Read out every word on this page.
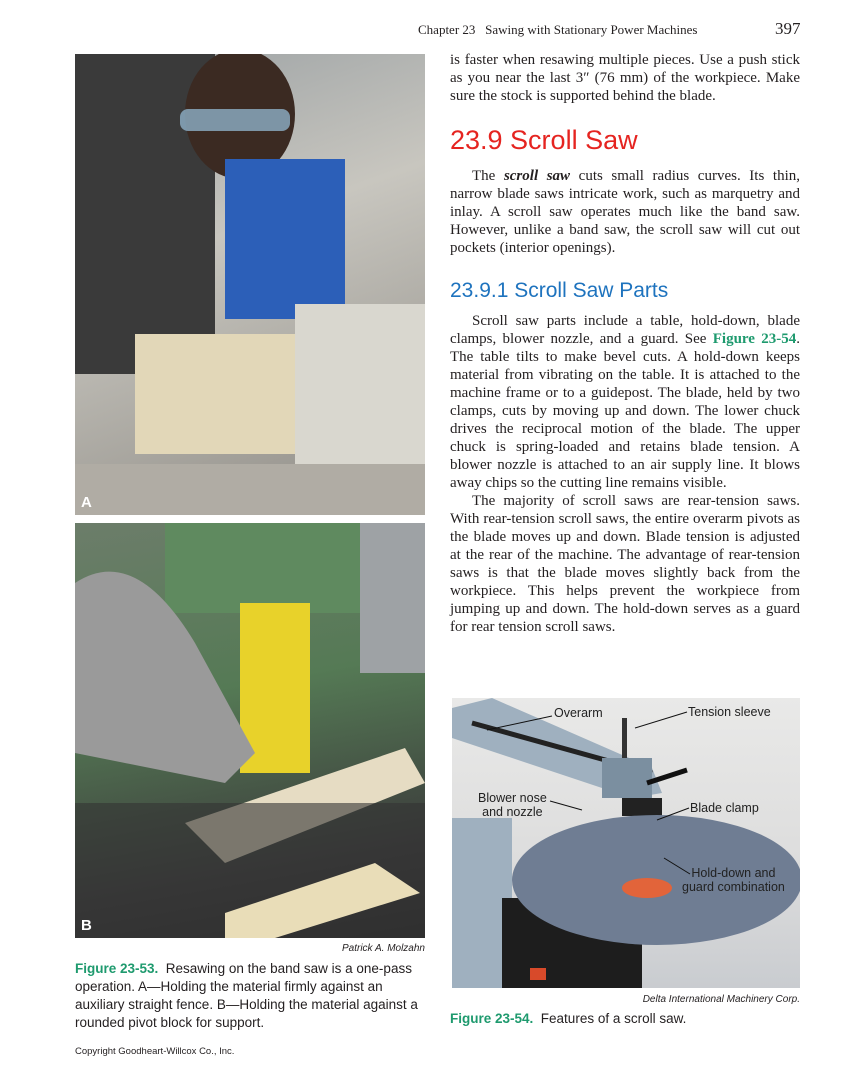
Chapter 23 Sawing with Stationary Power Machines	397
A
B
Patrick A. Molzahn
Figure 23-53. Resawing on the band saw is a one-pass operation. A—Holding the material firmly against an auxiliary straight fence. B—Holding the material against a rounded pivot block for support.

is faster when resawing multiple pieces. Use a push stick as you near the last 3″ (76 mm) of the workpiece. Make sure the stock is supported behind the blade.

23.9 Scroll Saw

The scroll saw cuts small radius curves. Its thin, narrow blade saws intricate work, such as marquetry and inlay. A scroll saw operates much like the band saw. However, unlike a band saw, the scroll saw will cut out pockets (interior openings).

23.9.1 Scroll Saw Parts

Scroll saw parts include a table, hold-down, blade clamps, blower nozzle, and a guard. See Figure 23-54. The table tilts to make bevel cuts. A hold-down keeps material from vibrating on the table. It is attached to the machine frame or to a guidepost. The blade, held by two clamps, cuts by moving up and down. The lower chuck drives the reciprocal motion of the blade. The upper chuck is spring-loaded and retains blade tension. A blower nozzle is attached to an air supply line. It blows away chips so the cutting line remains visible.

The majority of scroll saws are rear-tension saws. With rear-tension scroll saws, the entire overarm pivots as the blade moves up and down. Blade tension is adjusted at the rear of the machine. The advantage of rear-tension saws is that the blade moves slightly back from the workpiece. This helps prevent the workpiece from jumping up and down. The hold-down serves as a guard for rear tension scroll saws.

Overarm	Tension sleeve
Blower nose
and nozzle	Blade clamp
Hold-down and
guard combination
Delta International Machinery Corp.
Figure 23-54. Features of a scroll saw.
Copyright Goodheart-Willcox Co., Inc.
